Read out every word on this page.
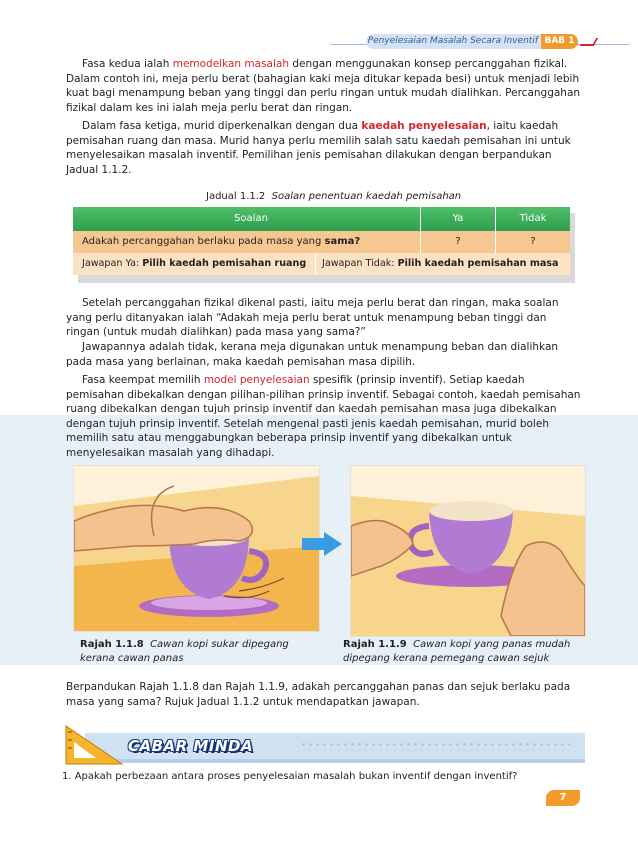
Penyelesaian Masalah Secara Inventif BAB 1

Fasa kedua ialah memodelkan masalah dengan menggunakan konsep percanggahan fizikal. Dalam contoh ini, meja perlu berat (bahagian kaki meja ditukar kepada besi) untuk menjadi lebih kuat bagi menampung beban yang tinggi dan perlu ringan untuk mudah dialihkan. Percanggahan fizikal dalam kes ini ialah meja perlu berat dan ringan.

Dalam fasa ketiga, murid diperkenalkan dengan dua kaedah penyelesaian, iaitu kaedah pemisahan ruang dan masa. Murid hanya perlu memilih salah satu kaedah pemisahan ini untuk menyelesaikan masalah inventif. Pemilihan jenis pemisahan dilakukan dengan berpandukan Jadual 1.1.2.

Jadual 1.1.2 Soalan penentuan kaedah pemisahan
Soalan	Ya	Tidak
Adakah percanggahan berlaku pada masa yang sama?	?	?
Jawapan Ya: Pilih kaedah pemisahan ruang	Jawapan Tidak: Pilih kaedah pemisahan masa

Setelah percanggahan fizikal dikenal pasti, iaitu meja perlu berat dan ringan, maka soalan yang perlu ditanyakan ialah “Adakah meja perlu berat untuk menampung beban tinggi dan ringan (untuk mudah dialihkan) pada masa yang sama?”

Jawapannya adalah tidak, kerana meja digunakan untuk menampung beban dan dialihkan pada masa yang berlainan, maka kaedah pemisahan masa dipilih.

Fasa keempat memilih model penyelesaian spesifik (prinsip inventif). Setiap kaedah pemisahan dibekalkan dengan pilihan-pilihan prinsip inventif. Sebagai contoh, kaedah pemisahan ruang dibekalkan dengan tujuh prinsip inventif dan kaedah pemisahan masa juga dibekalkan dengan tujuh prinsip inventif. Setelah mengenal pasti jenis kaedah pemisahan, murid boleh memilih satu atau menggabungkan beberapa prinsip inventif yang dibekalkan untuk menyelesaikan masalah yang dihadapi.

Rajah 1.1.8 Cawan kopi sukar dipegang kerana cawan panas
Rajah 1.1.9 Cawan kopi yang panas mudah dipegang kerana pemegang cawan sejuk

Berpandukan Rajah 1.1.8 dan Rajah 1.1.9, adakah percanggahan panas dan sejuk berlaku pada masa yang sama? Rujuk Jadual 1.1.2 untuk mendapatkan jawapan.

CABAR MINDA
1. Apakah perbezaan antara proses penyelesaian masalah bukan inventif dengan inventif?
7
